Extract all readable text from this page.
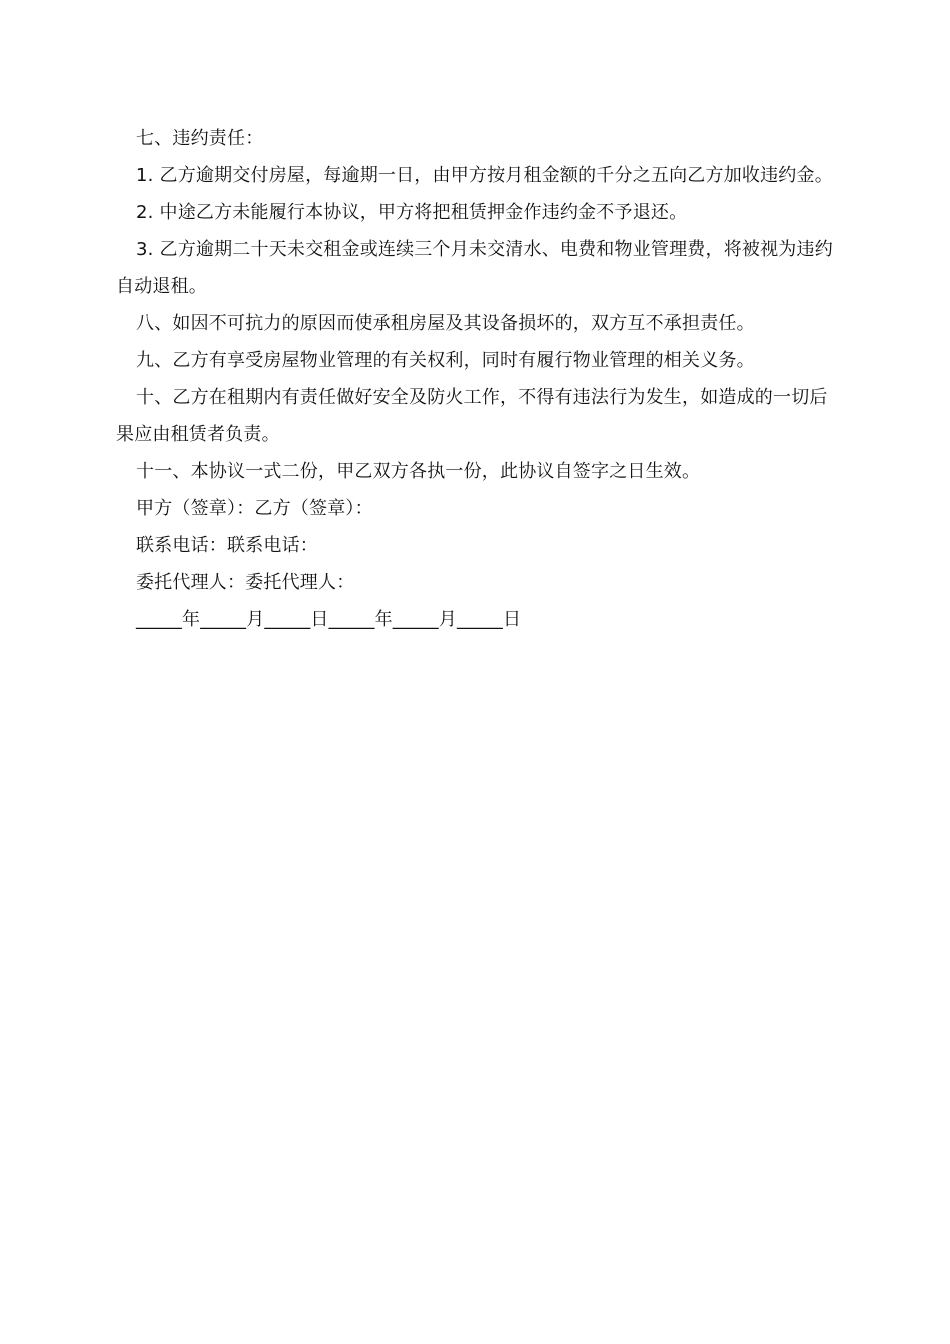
七、违约责任：

1. 乙方逾期交付房屋，每逾期一日，由甲方按月租金额的千分之五向乙方加收违约金。

2. 中途乙方未能履行本协议，甲方将把租赁押金作违约金不予退还。

3. 乙方逾期二十天未交租金或连续三个月未交清水、电费和物业管理费，将被视为违约自动退租。

八、如因不可抗力的原因而使承租房屋及其设备损坏的，双方互不承担责任。

九、乙方有享受房屋物业管理的有关权利，同时有履行物业管理的相关义务。

十、乙方在租期内有责任做好安全及防火工作，不得有违法行为发生，如造成的一切后果应由租赁者负责。

十一、本协议一式二份，甲乙双方各执一份，此协议自签字之日生效。

甲方（签章）：乙方（签章）：

联系电话：联系电话：

委托代理人：委托代理人：

_____年_____月_____日_____年_____月_____日
